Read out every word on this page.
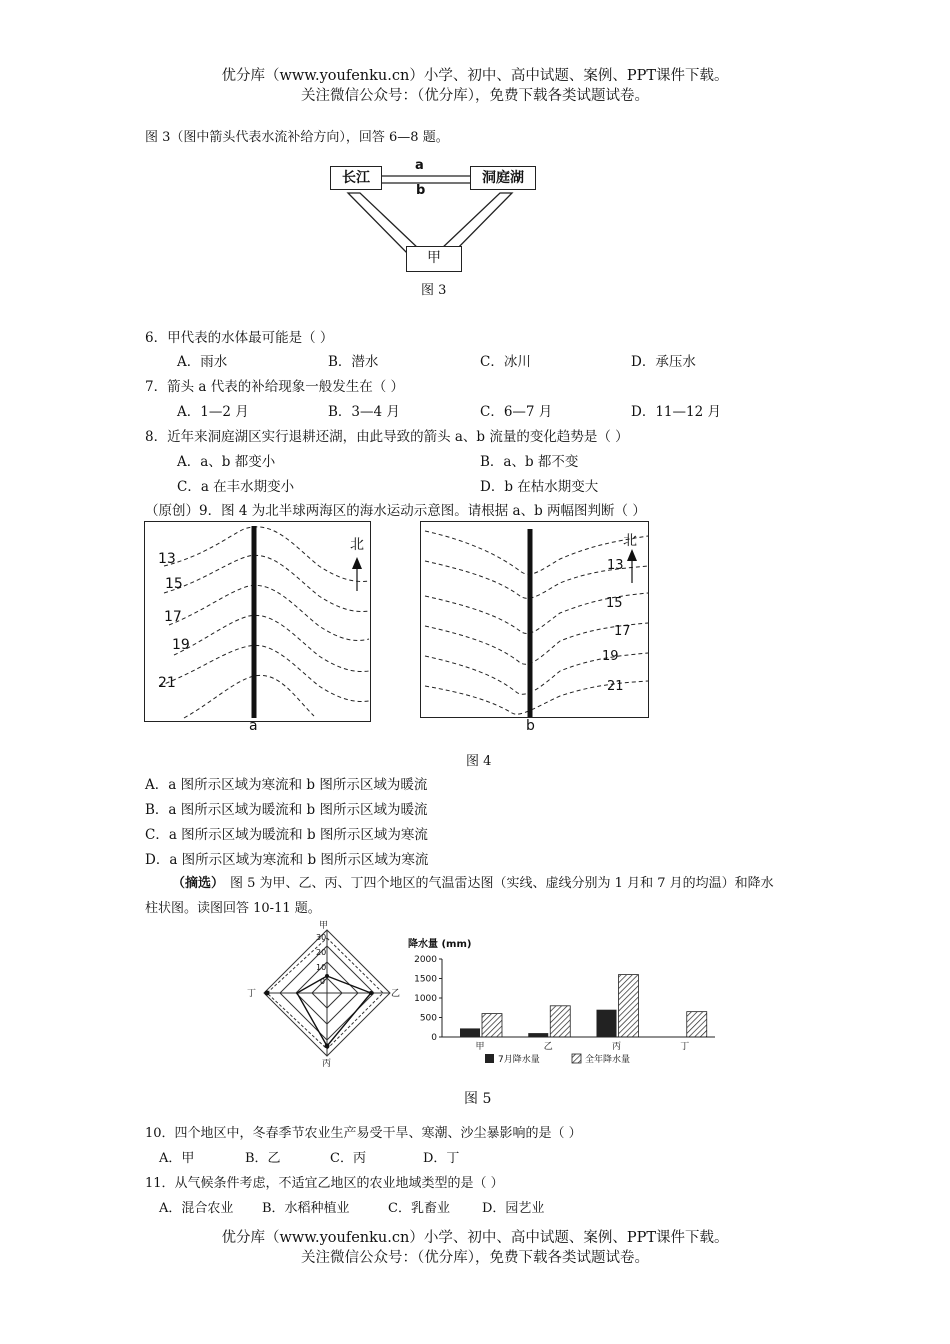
优分库（www.youfenku.cn）小学、初中、高中试题、案例、PPT课件下载。
关注微信公众号：（优分库），免费下载各类试题试卷。
图 3（图中箭头代表水流补给方向），回答 6—8 题。
长江	洞庭湖
甲
a
b
图 3
6．甲代表的水体最可能是（ ）
A．雨水	B．潜水	C．冰川	D．承压水
7．箭头 a 代表的补给现象一般发生在（ ）
A．1—2 月	B．3—4 月	C．6—7 月	D．11—12 月
8．近年来洞庭湖区实行退耕还湖，由此导致的箭头 a、b 流量的变化趋势是（ ）
A．a、b 都变小	B．a、b 都不变
C．a 在丰水期变小	D．b 在枯水期变大
（原创）9．图 4 为北半球两海区的海水运动示意图。请根据 a、b 两幅图判断（ ）
13
15
17
19
21
北
a
13
15
17
19
21
北
b
图 4
A．a 图所示区域为寒流和 b 图所示区域为暖流
B．a 图所示区域为暖流和 b 图所示区域为暖流
C．a 图所示区域为暖流和 b 图所示区域为寒流
D．a 图所示区域为寒流和 b 图所示区域为寒流
（摘选） 图 5 为甲、乙、丙、丁四个地区的气温雷达图（实线、虚线分别为 1 月和 7 月的均温）和降水
柱状图。读图回答 10-11 题。
甲
乙
丙
丁
30
20
10
0
降水量 (mm)
2000
1500
1000
500
0
甲	乙	丙	丁
7月降水量	全年降水量
图 5
10．四个地区中，冬春季节农业生产易受干旱、寒潮、沙尘暴影响的是（ ）
A．甲	B．乙	C．丙	D．丁
11．从气候条件考虑，不适宜乙地区的农业地域类型的是（ ）
A．混合农业 B．水稻种植业	C．乳畜业 D．园艺业
优分库（www.youfenku.cn）小学、初中、高中试题、案例、PPT课件下载。
关注微信公众号：（优分库），免费下载各类试题试卷。
